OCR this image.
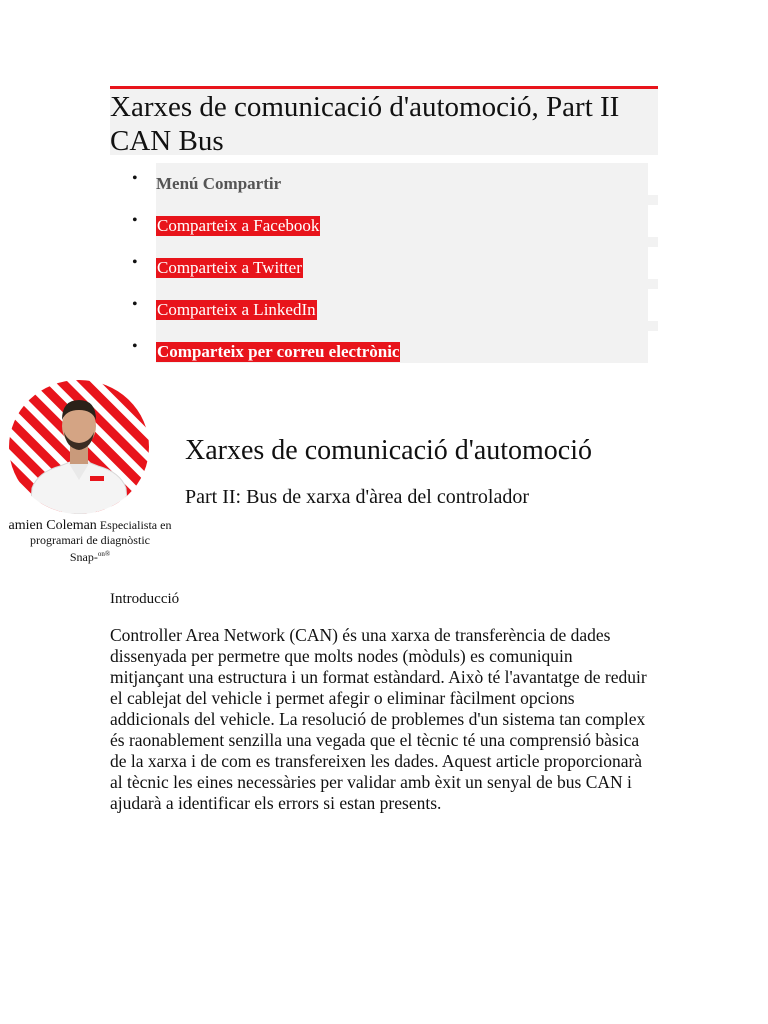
Xarxes de comunicació d'automoció, Part II
CAN Bus
• Menú Compartir
• Comparteix a Facebook
• Comparteix a Twitter
• Comparteix a LinkedIn
• Comparteix per correu electrònic
amien Coleman Especialista en
programari de diagnòstic
Snap-$^{on®}$
Xarxes de comunicació d'automoció
Part II: Bus de xarxa d'àrea del controlador
Introducció

Controller Area Network (CAN) és una xarxa de transferència de dades dissenyada per permetre que molts nodes (mòduls) es comuniquin mitjançant una estructura i un format estàndard. Això té l'avantatge de reduir el cablejat del vehicle i permet afegir o eliminar fàcilment opcions addicionals del vehicle. La resolució de problemes d'un sistema tan complex és raonablement senzilla una vegada que el tècnic té una comprensió bàsica de la xarxa i de com es transfereixen les dades. Aquest article proporcionarà al tècnic les eines necessàries per validar amb èxit un senyal de bus CAN i ajudarà a identificar els errors si estan presents.
